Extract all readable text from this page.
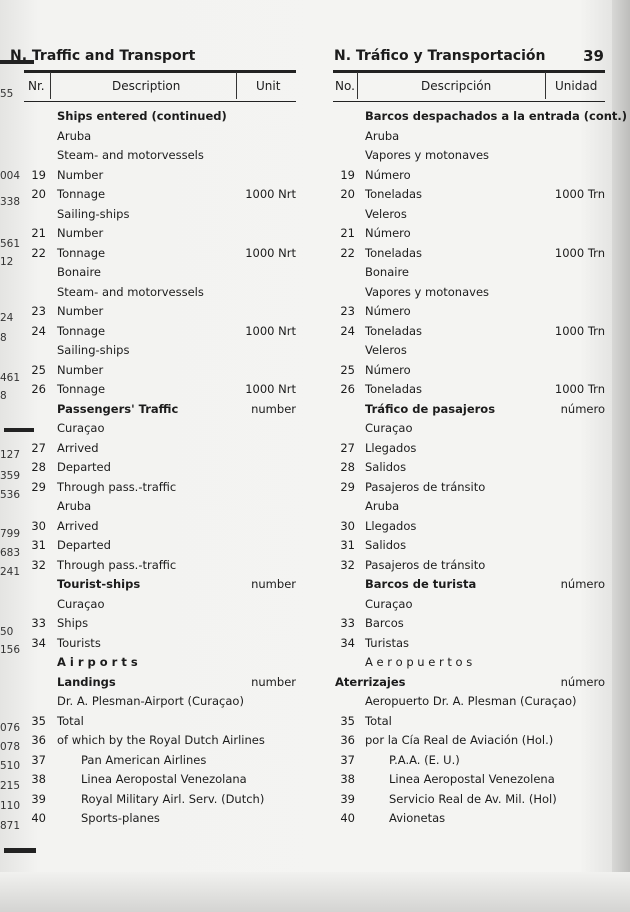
N. Traffic and Transport	N. Tráfico y Transportación	39
Nr.	Description	Unit	No.	Descripción	Unidad
Ships entered (continued)
Aruba
Steam- and motorvessels
19 Number
20 Tonnage	1000 Nrt
Sailing-ships
21 Number
22 Tonnage	1000 Nrt
Bonaire
Steam- and motorvessels
23 Number
24 Tonnage	1000 Nrt
Sailing-ships
25 Number
26 Tonnage	1000 Nrt
Passengers' Traffic	number
Curaçao
27 Arrived
28 Departed
29 Through pass.-traffic
Aruba
30 Arrived
31 Departed
32 Through pass.-traffic
Tourist-ships	number
Curaçao
33 Ships
34 Tourists
A i r p o r t s
Landings	number
Dr. A. Plesman-Airport (Curaçao)
35 Total
36 of which by the Royal Dutch Airlines
37	Pan American Airlines
38	Linea Aeropostal Venezolana
39	Royal Military Airl. Serv. (Dutch)
40	Sports-planes
Barcos despachados a la entrada (cont.)
Aruba
Vapores y motonaves
19 Número
20 Toneladas	1000 Trn
Veleros
21 Número
22 Toneladas	1000 Trn
Bonaire
Vapores y motonaves
23 Número
24 Toneladas	1000 Trn
Veleros
25 Número
26 Toneladas	1000 Trn
Tráfico de pasajeros	número
Curaçao
27 Llegados
28 Salidos
29 Pasajeros de tránsito
Aruba
30 Llegados
31 Salidos
32 Pasajeros de tránsito
Barcos de turista	número
Curaçao
33 Barcos
34 Turistas
A e r o p u e r t o s
Aterrizajes	número
Aeropuerto Dr. A. Plesman (Curaçao)
35 Total
36 por la Cía Real de Aviación (Hol.)
37	P.A.A. (E. U.)
38	Linea Aeropostal Venezolena
39	Servicio Real de Av. Mil. (Hol)
40	Avionetas
55
004
338
561
12
24
8
461
8
127
359
536
799
683
241
50
156
076
078
510
215
110
871
